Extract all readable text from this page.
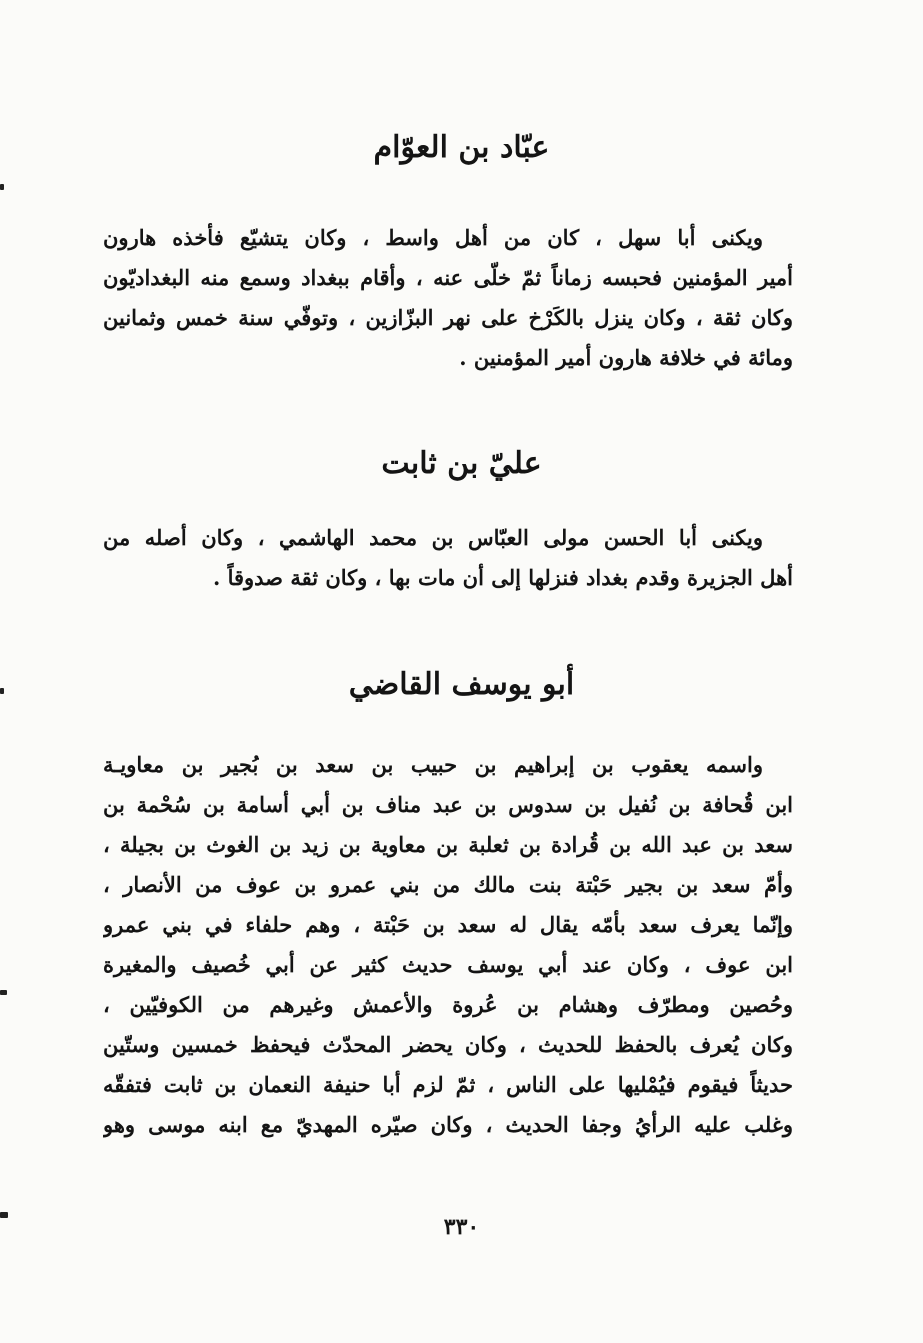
عبّاد بن العوّام
ويكنى أبا سهل ، كان من أهل واسط ، وكان يتشيّع فأخذه هارون
أمير المؤمنين فحبسه زماناً ثمّ خلّى عنه ، وأقام ببغداد وسمع منه البغداديّون
وكان ثقة ، وكان ينزل بالكَرْخ على نهر البزّازين ، وتوفّي سنة خمس وثمانين
ومائة في خلافة هارون أمير المؤمنين .
عليّ بن ثابت
ويكنى أبا الحسن مولى العبّاس بن محمد الهاشمي ، وكان أصله من
أهل الجزيرة وقدم بغداد فنزلها إلى أن مات بها ، وكان ثقة صدوقاً .
أبو يوسف القاضي
واسمه يعقوب بن إبراهيم بن حبيب بن سعد بن بُجير بن معاويـة
ابن قُحافة بن نُفيل بن سدوس بن عبد مناف بن أبي أسامة بن سُحْمة بن
سعد بن عبد الله بن قُرادة بن ثعلبة بن معاوية بن زيد بن الغوث بن بجيلة ،
وأمّ سعد بن بجير حَبْتة بنت مالك من بني عمرو بن عوف من الأنصار ،
وإنّما يعرف سعد بأمّه يقال له سعد بن حَبْتة ، وهم حلفاء في بني عمرو
ابن عوف ، وكان عند أبي يوسف حديث كثير عن أبي خُصيف والمغيرة
وحُصين ومطرّف وهشام بن عُروة والأعمش وغيرهم من الكوفيّين ،
وكان يُعرف بالحفظ للحديث ، وكان يحضر المحدّث فيحفظ خمسين وستّين
حديثاً فيقوم فيُمْليها على الناس ، ثمّ لزم أبا حنيفة النعمان بن ثابت فتفقّه
وغلب عليه الرأيُ وجفا الحديث ، وكان صيّره المهديّ مع ابنه موسى وهو
٣٣٠
